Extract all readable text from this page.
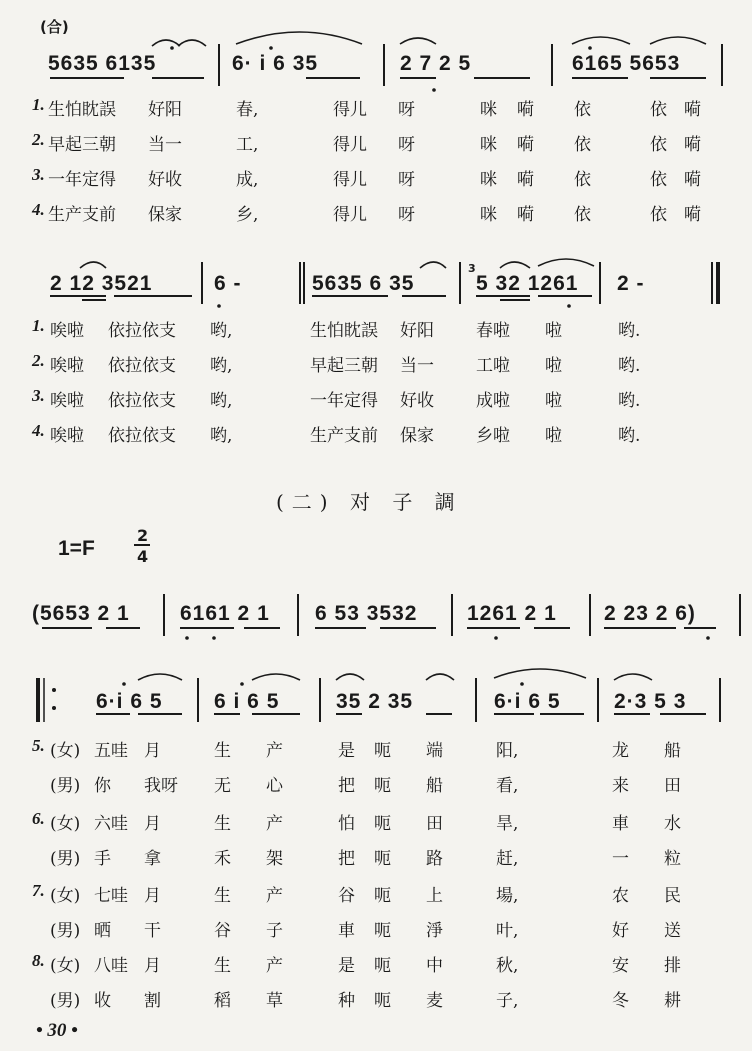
(合)
5635 6135	6· i 6 35	2 7 2 5	6165 5653
1. 生怕眈誤 好阳	春,	得儿 呀	咪 嗬 依	依 嗬
2. 早起三朝 当一	工,	得儿 呀	咪 嗬 依	依 嗬
3. 一年定得 好收	成,	得儿 呀	咪 嗬 依	依 嗬
4. 生产支前 保家	乡,	得儿 呀	咪 嗬 依	依 嗬
2 12 3521	6 -	5635 6 35
3
5 32 1261 2 -
1. 唉啦 依拉依支 哟,	生怕眈誤 好阳 春啦 啦	哟.
2. 唉啦 依拉依支 哟,	早起三朝 当一 工啦 啦	哟.
3. 唉啦 依拉依支 哟,	一年定得 好收 成啦 啦	哟.
4. 唉啦 依拉依支 哟,	生产支前 保家 乡啦 啦	哟.
(二) 对 子 調
1=F
2
4
(5653 2 1 6161 2 1 6 53 3532 1261 2 1 2 23 2 6)
6·i 6 5 6 i 6 5	35 2 35	6·i 6 5	2·3 5 3
5. (女) 五哇 月	生 产	是 呃 端	阳,	龙 船
(男) 你 我呀 无 心	把 呃 船	看,	来 田
6. (女) 六哇 月	生 产	怕 呃 田	旱,	車 水
(男) 手 拿	禾 架	把 呃 路	赶,	一 粒
7. (女) 七哇 月	生 产	谷 呃 上	場,	农 民
(男) 晒 干	谷 子	車 呃 淨	叶,	好 送
8. (女) 八哇 月	生 产	是 呃 中	秋,	安 排
(男) 收 割	稻 草	种 呃 麦	子,	冬 耕
• 30 •
